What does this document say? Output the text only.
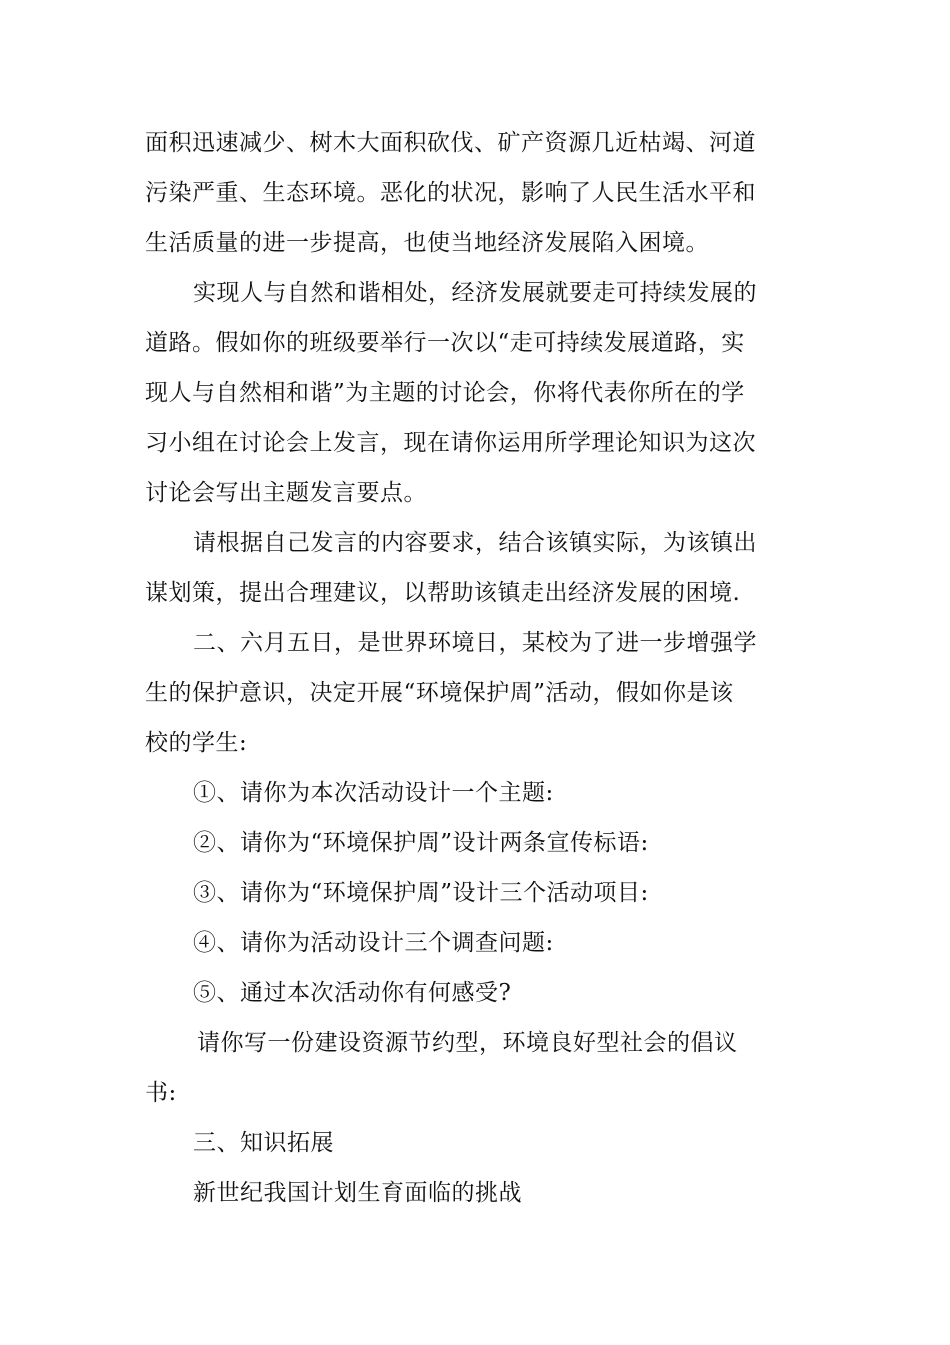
面积迅速减少、树木大面积砍伐、矿产资源几近枯竭、河道
污染严重、生态环境。恶化的状况，影响了人民生活水平和
生活质量的进一步提高，也使当地经济发展陷入困境。
实现人与自然和谐相处，经济发展就要走可持续发展的
道路。假如你的班级要举行一次以“走可持续发展道路，实
现人与自然相和谐”为主题的讨论会，你将代表你所在的学
习小组在讨论会上发言，现在请你运用所学理论知识为这次
讨论会写出主题发言要点。
请根据自己发言的内容要求，结合该镇实际，为该镇出
谋划策，提出合理建议，以帮助该镇走出经济发展的困境.
二、六月五日，是世界环境日，某校为了进一步增强学
生的保护意识，决定开展“环境保护周”活动，假如你是该
校的学生:
①、请你为本次活动设计一个主题:
②、请你为“环境保护周”设计两条宣传标语:
③、请你为“环境保护周”设计三个活动项目:
④、请你为活动设计三个调查问题:
⑤、通过本次活动你有何感受?
请你写一份建设资源节约型，环境良好型社会的倡议
书:
三、知识拓展
新世纪我国计划生育面临的挑战
